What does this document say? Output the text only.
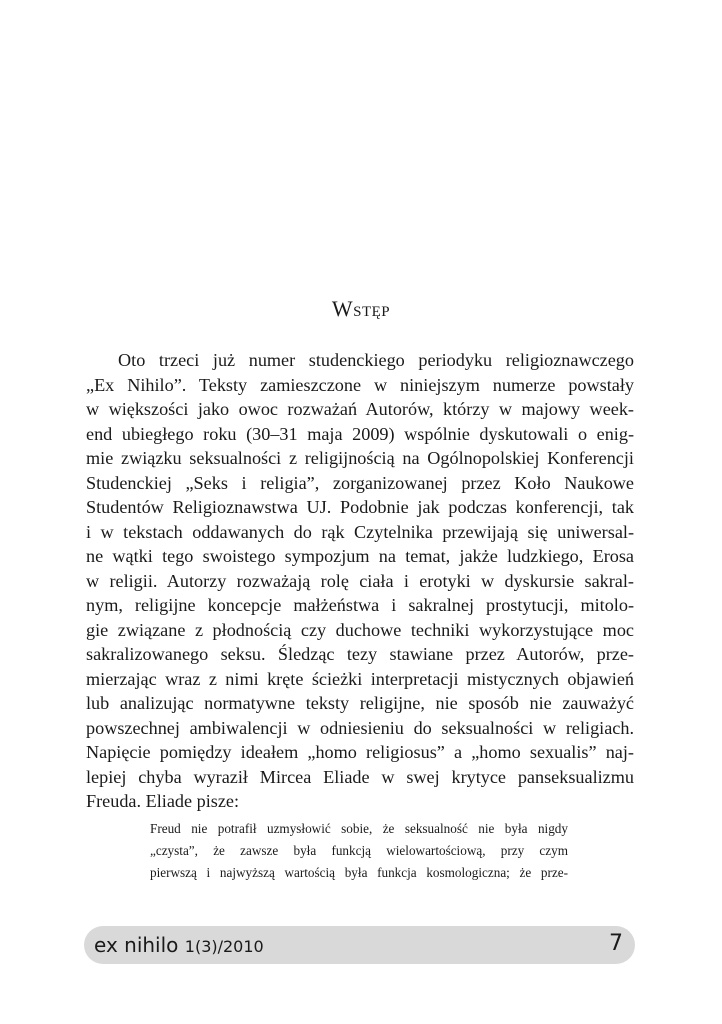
Wstęp
Oto trzeci już numer studenckiego periodyku religioznawczego
„Ex Nihilo”. Teksty zamieszczone w niniejszym numerze powstały
w większości jako owoc rozważań Autorów, którzy w majowy week-
end ubiegłego roku (30–31 maja 2009) wspólnie dyskutowali o enig-
mie związku seksualności z religijnością na Ogólnopolskiej Konferencji
Studenckiej „Seks i religia”, zorganizowanej przez Koło Naukowe
Studentów Religioznawstwa UJ. Podobnie jak podczas konferencji, tak
i w tekstach oddawanych do rąk Czytelnika przewijają się uniwersal-
ne wątki tego swoistego sympozjum na temat, jakże ludzkiego, Erosa
w religii. Autorzy rozważają rolę ciała i erotyki w dyskursie sakral-
nym, religijne koncepcje małżeństwa i sakralnej prostytucji, mitolo-
gie związane z płodnością czy duchowe techniki wykorzystujące moc
sakralizowanego seksu. Śledząc tezy stawiane przez Autorów, prze-
mierzając wraz z nimi kręte ścieżki interpretacji mistycznych objawień
lub analizując normatywne teksty religijne, nie sposób nie zauważyć
powszechnej ambiwalencji w odniesieniu do seksualności w religiach.
Napięcie pomiędzy ideałem „homo religiosus” a „homo sexualis” naj-
lepiej chyba wyraził Mircea Eliade w swej krytyce panseksualizmu
Freuda. Eliade pisze:
Freud nie potrafił uzmysłowić sobie, że seksualność nie była nigdy
„czysta”, że zawsze była funkcją wielowartościową, przy czym
pierwszą i najwyższą wartością była funkcja kosmologiczna; że prze-
ex nihilo 1(3)/2010	7
